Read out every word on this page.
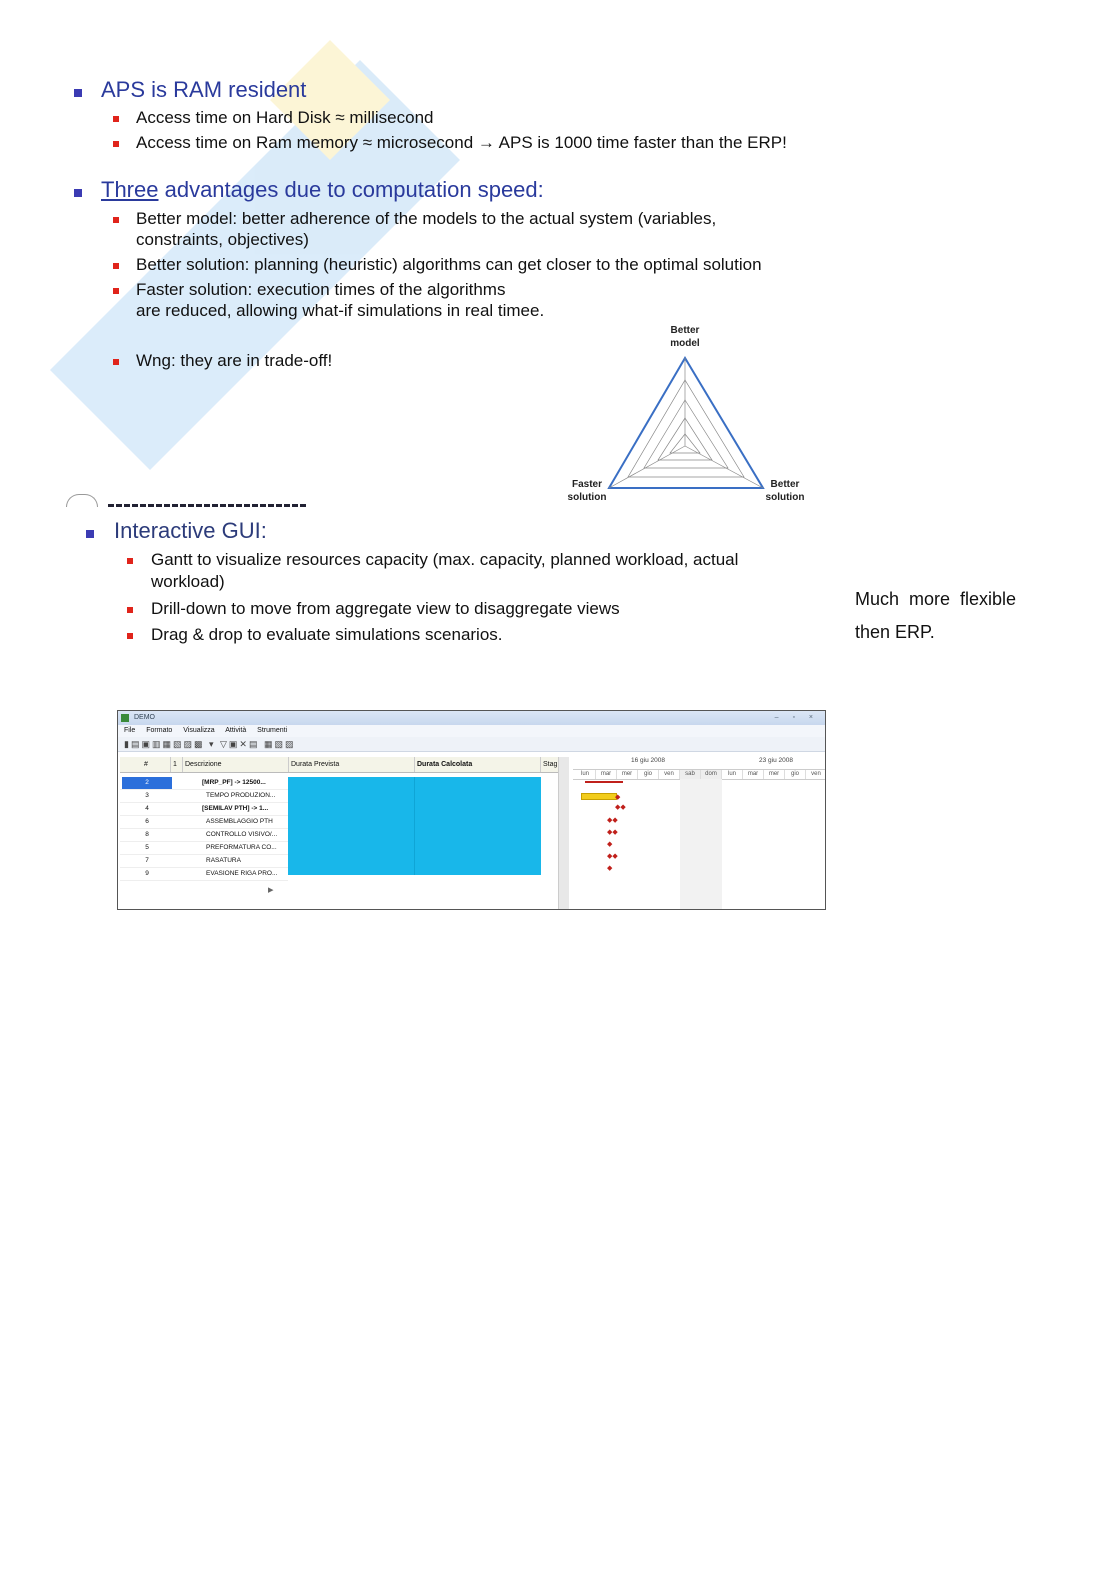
APS is RAM resident
Access time on Hard Disk ≈ millisecond
Access time on Ram memory ≈ microsecond → APS is 1000 time faster than the ERP!
Three advantages due to computation speed:
Better model: better adherence of the models to the actual system (variables,
constraints, objectives)
Better solution: planning (heuristic) algorithms can get closer to the optimal solution
Faster solution: execution times of the algorithms
are reduced, allowing what-if simulations in real timee.
Wng: they are in trade-off!
Better
model
Faster
solution
Better
solution
Interactive GUI:
Gantt to visualize resources capacity (max. capacity, planned workload, actual
workload)
Drill-down to move from aggregate view to disaggregate views
Drag & drop to evaluate simulations scenarios.
Much  more  flexible
then ERP.
DEMO	– ▫ ×
File Formato Visualizza Attività Strumenti
▮▤▣▥▦▧▨▩ ▾ ▽▣✕▤ ▦▧▨
#	1	Descrizione	Durata Prevista	Durata Calcolata	Stag
2	[MRP_PF] -> 12500...
3	TEMPO PRODUZION...
4	[SEMILAV PTH] -> 1...
6	ASSEMBLAGGIO PTH
8	CONTROLLO VISIVO/...
5	PREFORMATURA CO...
7	RASATURA
9	EVASIONE RIGA PRO...
16 giu 2008	23 giu 2008
lun	mar	mer	gio	ven	sab	dom	lun	mar	mer	gio	ven
◆
◆◆
◆◆
◆◆
◆
◆◆
◆
▸
